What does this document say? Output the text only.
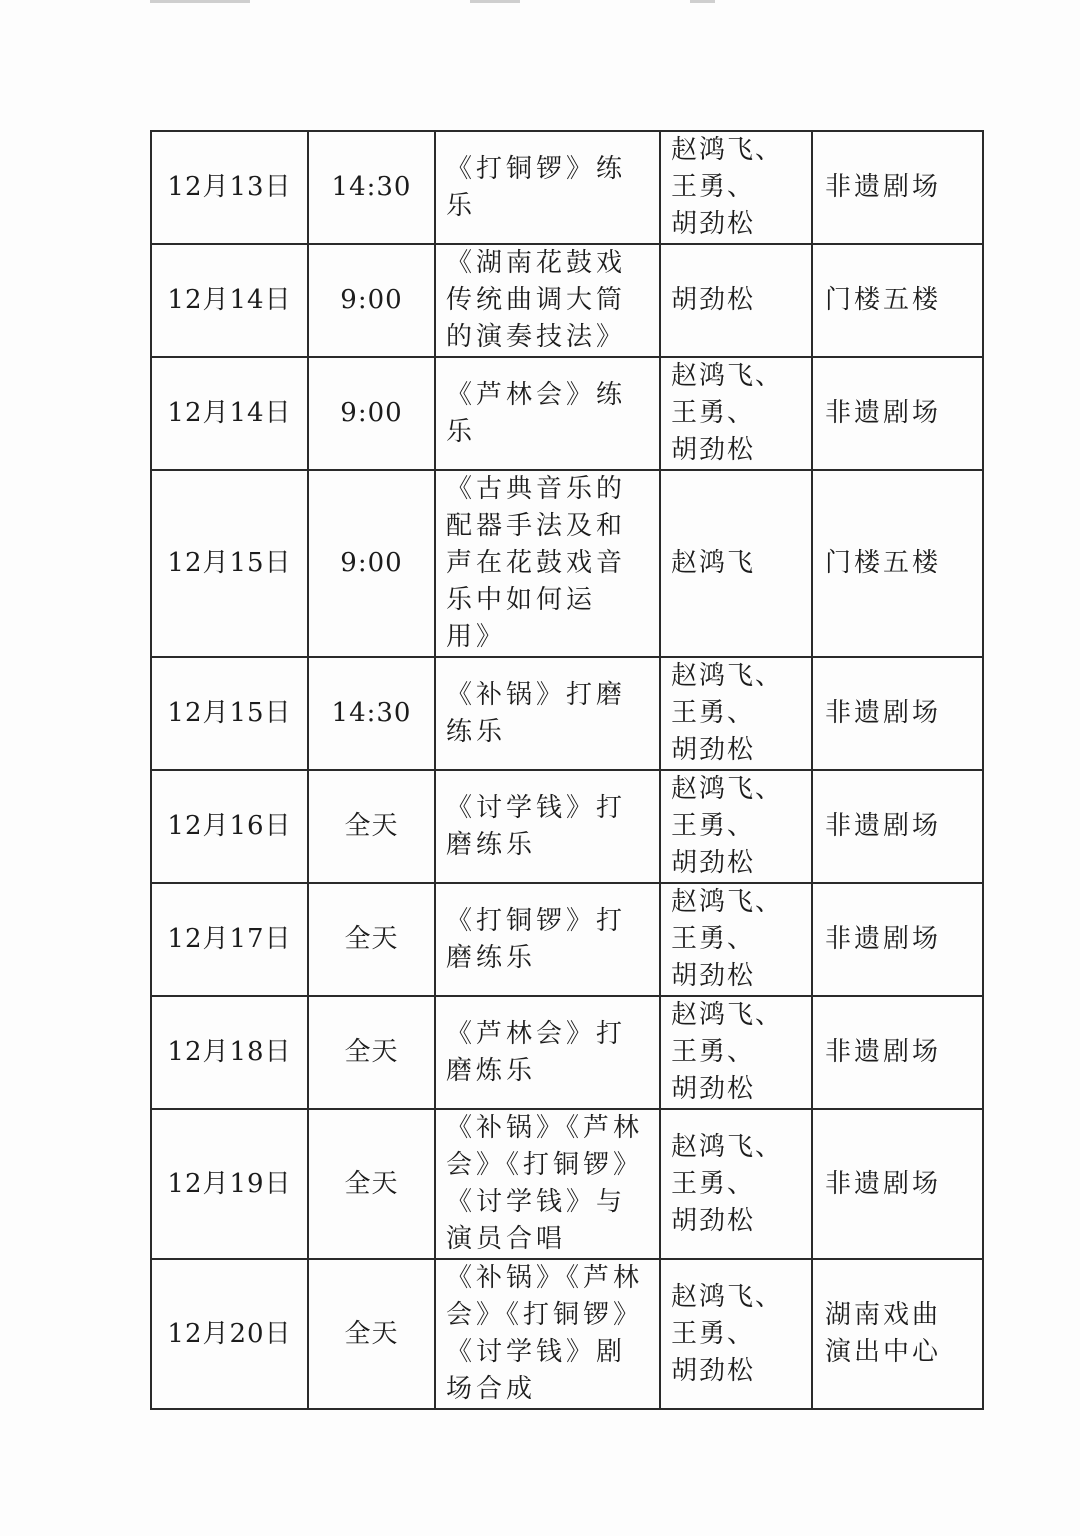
12月13日	14:30	《打铜锣》练
乐	赵鸿飞、
王勇、
胡劲松	非遗剧场

12月14日	9:00	《湖南花鼓戏
传统曲调大筒
的演奏技法》	胡劲松	门楼五楼

12月14日	9:00	《芦林会》练
乐	赵鸿飞、
王勇、
胡劲松	非遗剧场

12月15日	9:00	《古典音乐的
配器手法及和
声在花鼓戏音
乐中如何运
用》	赵鸿飞	门楼五楼

12月15日	14:30	《补锅》打磨
练乐	赵鸿飞、
王勇、
胡劲松	非遗剧场

12月16日	全天	《讨学钱》打
磨练乐	赵鸿飞、
王勇、
胡劲松	非遗剧场

12月17日	全天	《打铜锣》打
磨练乐	赵鸿飞、
王勇、
胡劲松	非遗剧场

12月18日	全天	《芦林会》打
磨炼乐	赵鸿飞、
王勇、
胡劲松	非遗剧场

12月19日	全天	《补锅》《芦林
会》《打铜锣》
《讨学钱》与
演员合唱	赵鸿飞、
王勇、
胡劲松	非遗剧场

12月20日	全天	《补锅》《芦林
会》《打铜锣》
《讨学钱》剧
场合成	赵鸿飞、
王勇、
胡劲松	湖南戏曲
演出中心
